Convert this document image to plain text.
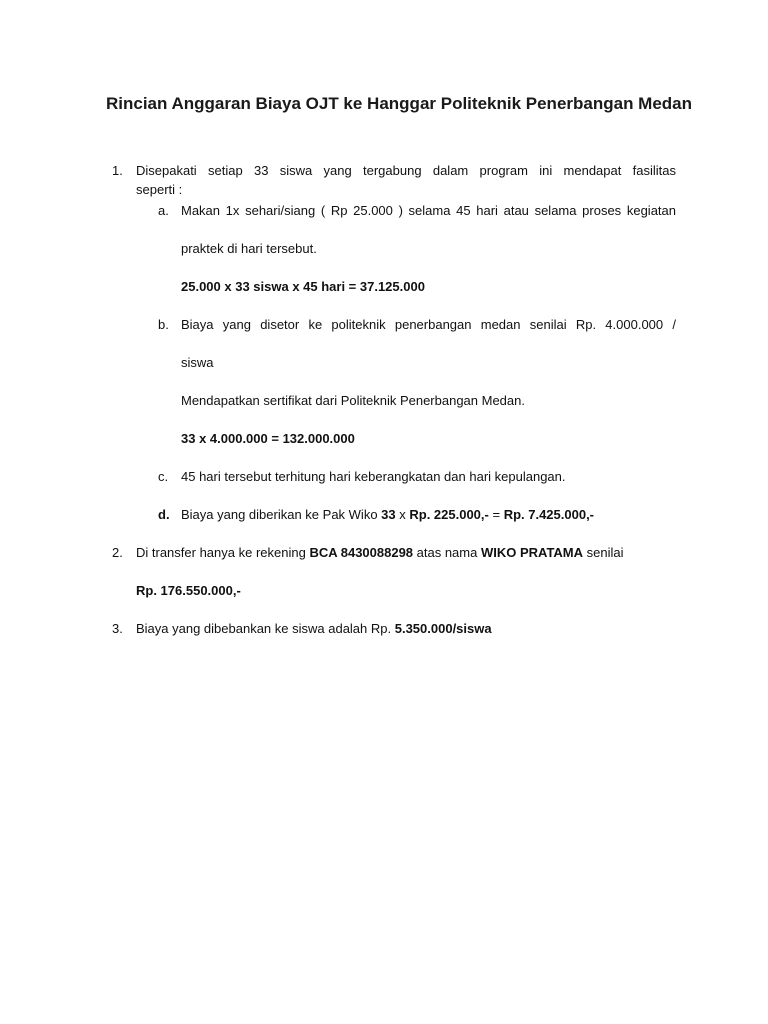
Rincian Anggaran Biaya OJT ke Hanggar Politeknik Penerbangan Medan
1. Disepakati setiap 33 siswa yang tergabung dalam program ini mendapat fasilitas
seperti :
a. Makan 1x sehari/siang ( Rp 25.000 ) selama 45 hari atau selama proses kegiatan
praktek di hari tersebut.
25.000 x 33 siswa x 45 hari = 37.125.000
b. Biaya yang disetor ke politeknik penerbangan medan senilai Rp. 4.000.000 /
siswa
Mendapatkan sertifikat dari Politeknik Penerbangan Medan.
33 x 4.000.000 = 132.000.000
c. 45 hari tersebut terhitung hari keberangkatan dan hari kepulangan.
d. Biaya yang diberikan ke Pak Wiko 33 x Rp. 225.000,- = Rp. 7.425.000,-
2. Di transfer hanya ke rekening BCA 8430088298 atas nama WIKO PRATAMA senilai
Rp. 176.550.000,-
3. Biaya yang dibebankan ke siswa adalah Rp. 5.350.000/siswa
